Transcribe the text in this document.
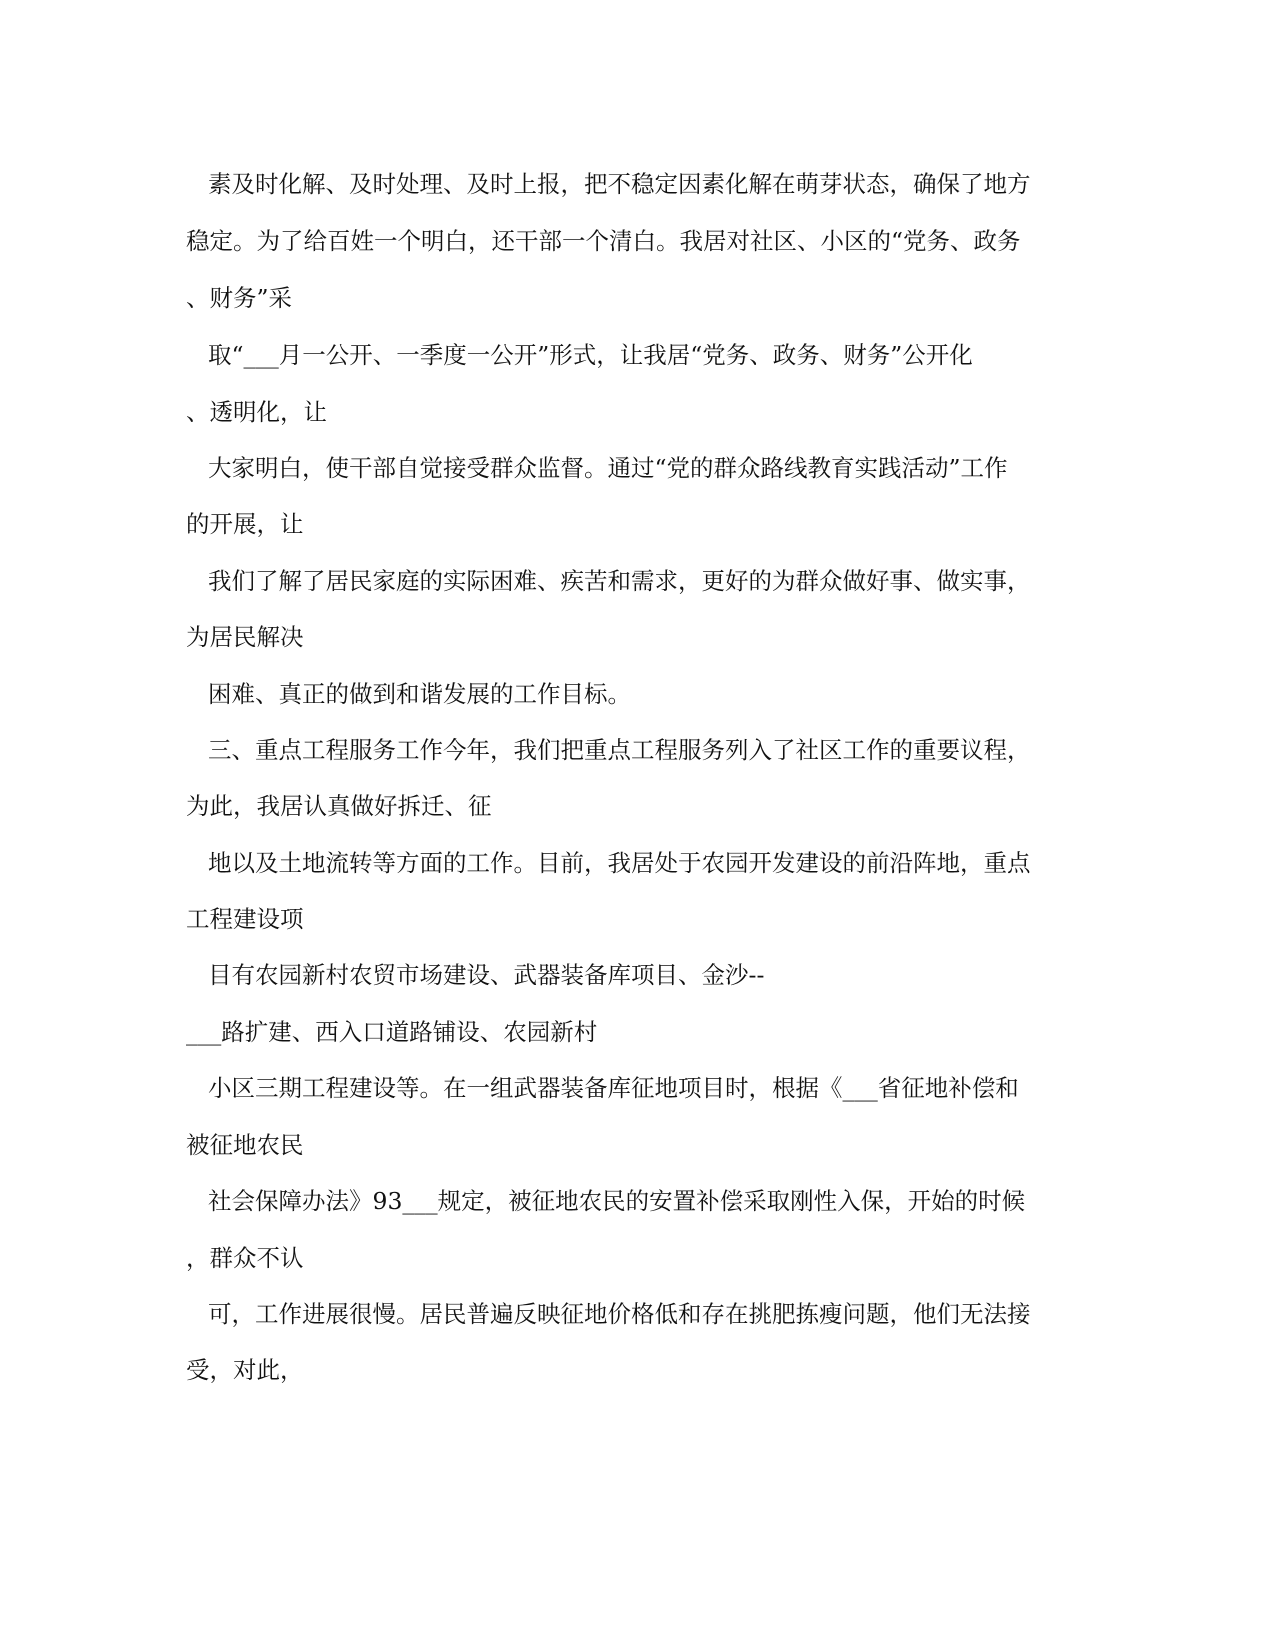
素及时化解、及时处理、及时上报，把不稳定因素化解在萌芽状态，确保了地方

稳定。为了给百姓一个明白，还干部一个清白。我居对社区、小区的“党务、政务

、财务”采

取“___月一公开、一季度一公开”形式，让我居“党务、政务、财务”公开化

、透明化，让

大家明白，使干部自觉接受群众监督。通过“党的群众路线教育实践活动”工作

的开展，让

我们了解了居民家庭的实际困难、疾苦和需求，更好的为群众做好事、做实事，

为居民解决

困难、真正的做到和谐发展的工作目标。

三、重点工程服务工作今年，我们把重点工程服务列入了社区工作的重要议程，

为此，我居认真做好拆迁、征

地以及土地流转等方面的工作。目前，我居处于农园开发建设的前沿阵地，重点

工程建设项

目有农园新村农贸市场建设、武器装备库项目、金沙--

___路扩建、西入口道路铺设、农园新村

小区三期工程建设等。在一组武器装备库征地项目时，根据《___省征地补偿和

被征地农民

社会保障办法》93___规定，被征地农民的安置补偿采取刚性入保，开始的时候

，群众不认

可，工作进展很慢。居民普遍反映征地价格低和存在挑肥拣瘦问题，他们无法接

受，对此，
